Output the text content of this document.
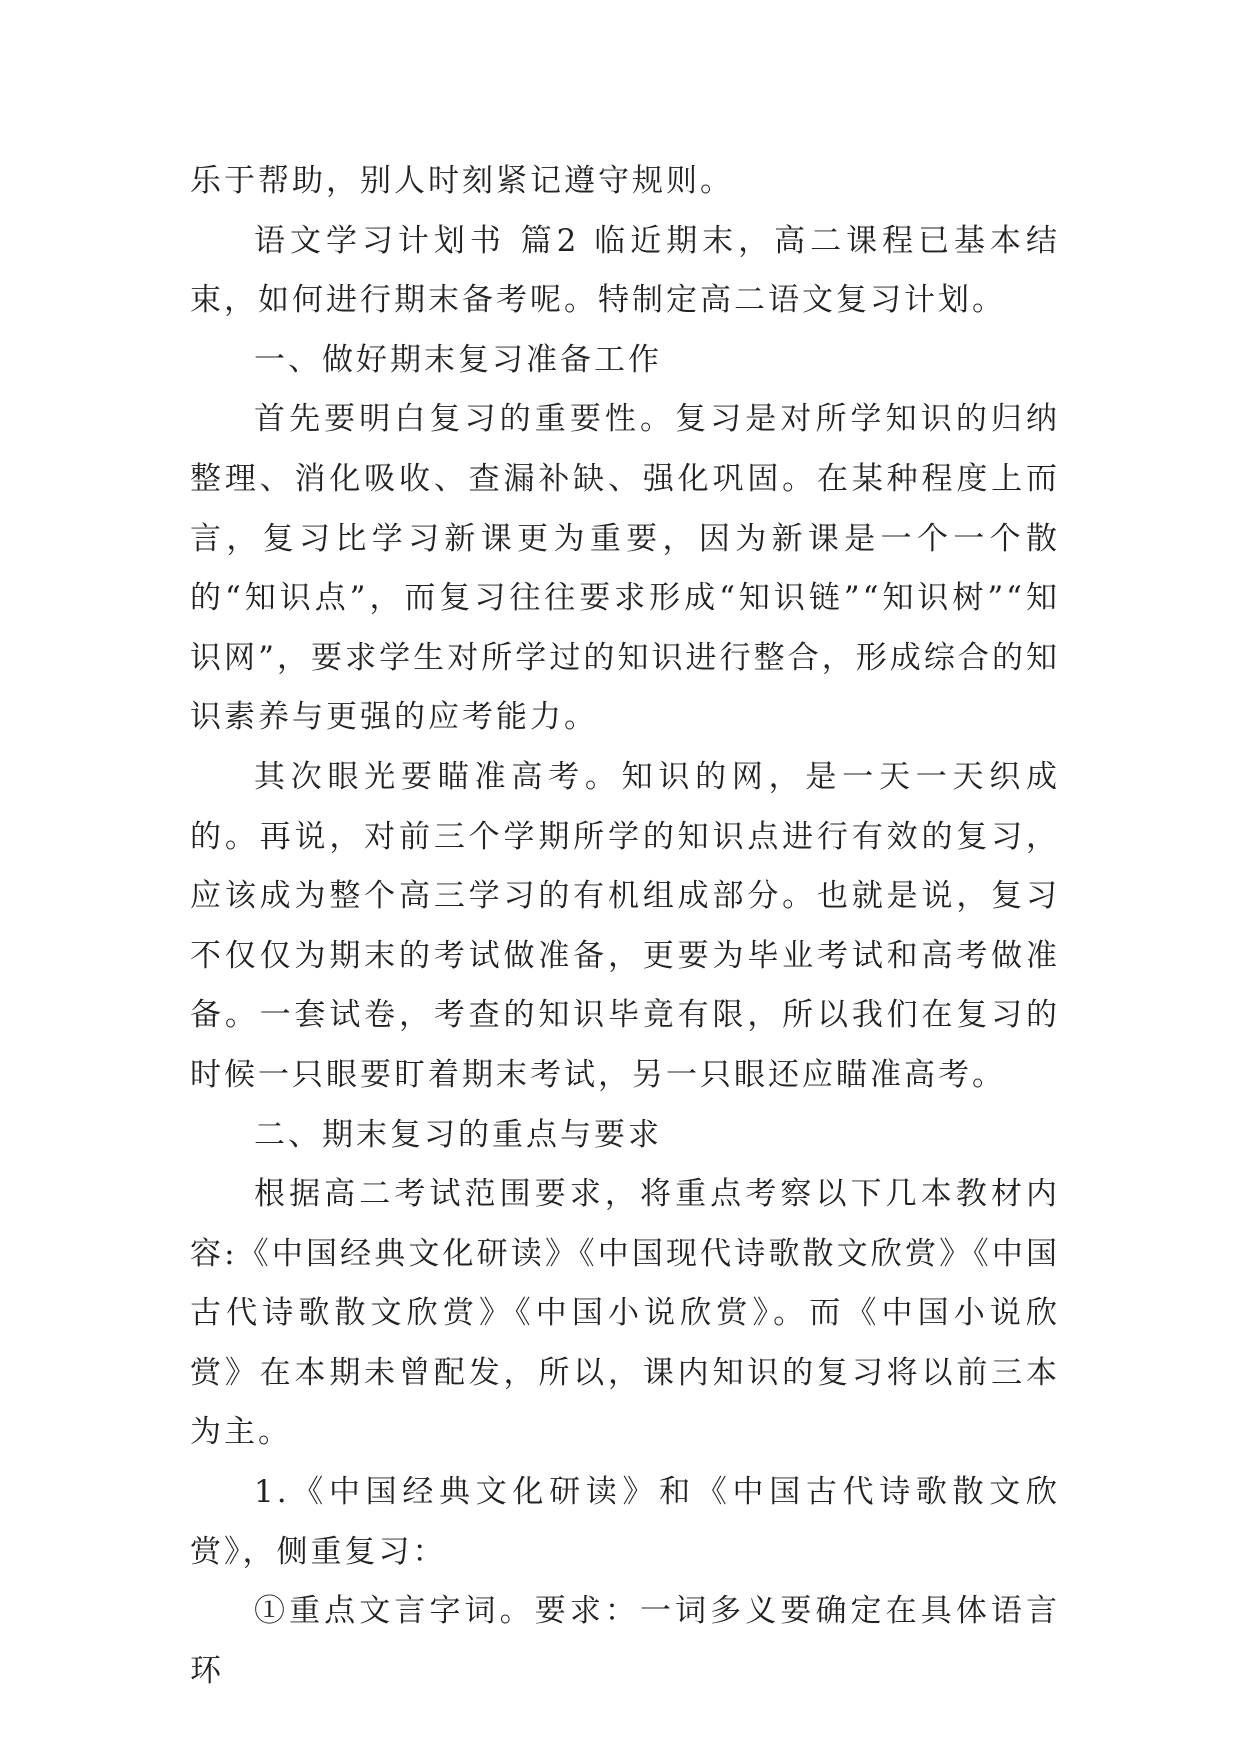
乐于帮助，别人时刻紧记遵守规则。

语文学习计划书 篇2 临近期末，高二课程已基本结束，如何进行期末备考呢。特制定高二语文复习计划。

一、做好期末复习准备工作

首先要明白复习的重要性。复习是对所学知识的归纳整理、消化吸收、查漏补缺、强化巩固。在某种程度上而言，复习比学习新课更为重要，因为新课是一个一个散的“知识点”，而复习往往要求形成“知识链”“知识树”“知识网”，要求学生对所学过的知识进行整合，形成综合的知识素养与更强的应考能力。

其次眼光要瞄准高考。知识的网，是一天一天织成的。再说，对前三个学期所学的知识点进行有效的复习，应该成为整个高三学习的有机组成部分。也就是说，复习不仅仅为期末的考试做准备，更要为毕业考试和高考做准备。一套试卷，考查的知识毕竟有限，所以我们在复习的时候一只眼要盯着期末考试，另一只眼还应瞄准高考。

二、期末复习的重点与要求

根据高二考试范围要求，将重点考察以下几本教材内容:《中国经典文化研读》《中国现代诗歌散文欣赏》《中国古代诗歌散文欣赏》《中国小说欣赏》。而《中国小说欣赏》在本期未曾配发，所以，课内知识的复习将以前三本为主。

1.《中国经典文化研读》和《中国古代诗歌散文欣赏》，侧重复习：

①重点文言字词。要求：一词多义要确定在具体语言环
